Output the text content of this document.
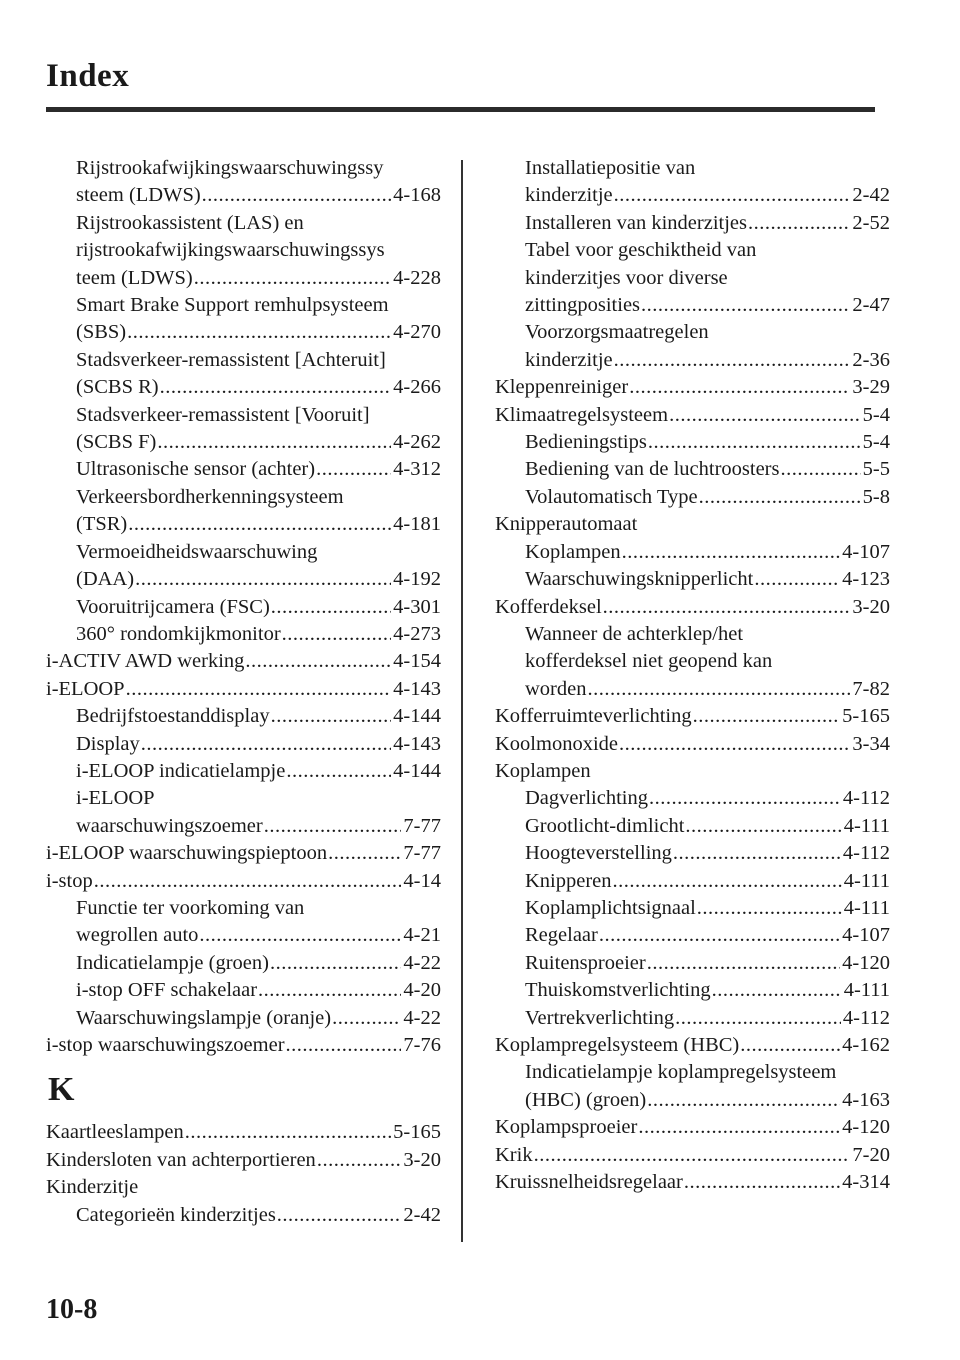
Index
Rijstrookafwijkingswaarschuwingssy
steem (LDWS) .....	4-168
Rijstrookassistent (LAS) en
rijstrookafwijkingswaarschuwingssys
teem (LDWS) .....	4-228
Smart Brake Support remhulpsysteem
(SBS) .....	4-270
Stadsverkeer-remassistent [Achteruit]
(SCBS R) .....	4-266
Stadsverkeer-remassistent [Vooruit]
(SCBS F) .....	4-262
Ultrasonische sensor (achter) .....	4-312
Verkeersbordherkenningsysteem
(TSR) .....	4-181
Vermoeidheidswaarschuwing
(DAA) .....	4-192
Vooruitrijcamera (FSC) .....	4-301
360° rondomkijkmonitor .....	4-273
i-ACTIV AWD werking .....	4-154
i-ELOOP .....	4-143
Bedrijfstoestanddisplay .....	4-144
Display .....	4-143
i-ELOOP indicatielampje .....	4-144
i-ELOOP
waarschuwingszoemer .....	7-77
i-ELOOP waarschuwingspieptoon .....	7-77
i-stop .....	4-14
Functie ter voorkoming van
wegrollen auto .....	4-21
Indicatielampje (groen) .....	4-22
i-stop OFF schakelaar .....	4-20
Waarschuwingslampje (oranje) .....	4-22
i-stop waarschuwingszoemer .....	7-76
K
Kaartleeslampen .....	5-165
Kindersloten van achterportieren .....	3-20
Kinderzitje
Categorieën kinderzitjes .....	2-42
Installatiepositie van
kinderzitje .....	2-42
Installeren van kinderzitjes .....	2-52
Tabel voor geschiktheid van
kinderzitjes voor diverse
zittingposities .....	2-47
Voorzorgsmaatregelen
kinderzitje .....	2-36
Kleppenreiniger .....	3-29
Klimaatregelsysteem .....	5-4
Bedieningstips .....	5-4
Bediening van de luchtroosters .....	5-5
Volautomatisch Type .....	5-8
Knipperautomaat
Koplampen .....	4-107
Waarschuwingsknipperlicht .....	4-123
Kofferdeksel .....	3-20
Wanneer de achterklep/het
kofferdeksel niet geopend kan
worden .....	7-82
Kofferruimteverlichting .....	5-165
Koolmonoxide .....	3-34
Koplampen
Dagverlichting .....	4-112
Grootlicht-dimlicht .....	4-111
Hoogteverstelling .....	4-112
Knipperen .....	4-111
Koplamplichtsignaal .....	4-111
Regelaar .....	4-107
Ruitensproeier .....	4-120
Thuiskomstverlichting .....	4-111
Vertrekverlichting .....	4-112
Koplampregelsysteem (HBC) .....	4-162
Indicatielampje koplampregelsysteem
(HBC) (groen) .....	4-163
Koplampsproeier .....	4-120
Krik .....	7-20
Kruissnelheidsregelaar .....	4-314
10-8
